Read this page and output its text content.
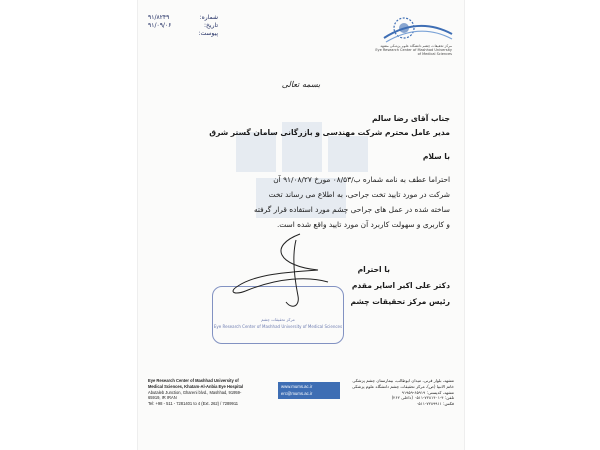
مرکز تحقیقات چشم دانشگاه علوم پزشکی مشهد
Eye Research Center of Mashhad University of Medical Sciences
شماره:
۹۱/۸۲۴۹
تاریخ:
۹۱/۰۹/۰۶
پیوست:
بسمه تعالی
جناب آقای رضا سالم
مدیر عامل محترم شرکت مهندسی و بازرگانی سامان گستر شرق
با سلام
احتراما عطف به نامه شماره ب/۰۸/۵۳ مورخ ۹۱/۰۸/۲۷ آن
شرکت در مورد تایید تخت جراحی، به اطلاع می رساند تخت
ساخته شده در عمل های جراحی چشم مورد استفاده قرار گرفته
و کاربری و سهولت کاربرد آن مورد تایید واقع شده است.
مرکز تحقیقات چشم
Eye Research Center of Mashhad University of Medical Sciences
با احترام
دکتر علی اکبر اسایر مقدم
رئیس مرکز تحقیقات چشم
Eye Research Center of Mashhad University of
Medical Sciences, Khatam-Al-Anbia Eye Hospital
Abutaleb Junction, Ghareni blvd., Mashhad, 91959-
65919, IR IRAN
Tel: +98 - 511 - 7281401 to 4 (Ext. 262) / 7289911
www.mums.ac.ir
erc@mums.ac.ir
مشهد، بلوار قرنی، میدان ابوطالب، بیمارستان چشم پزشکی
خاتم الانبیا (ص)، مرکز تحقیقات چشم دانشگاه علوم پزشکی
مشهد، کدپستی: ۶۵۹۱۹-۹۱۹۵۹
تلفن: ۴-۷۲۸۱۴۰۱-۰۵۱۱ (داخلی ۲۶۲)
فکس: ۷۲۸۹۹۱۱-۰۵۱۱
